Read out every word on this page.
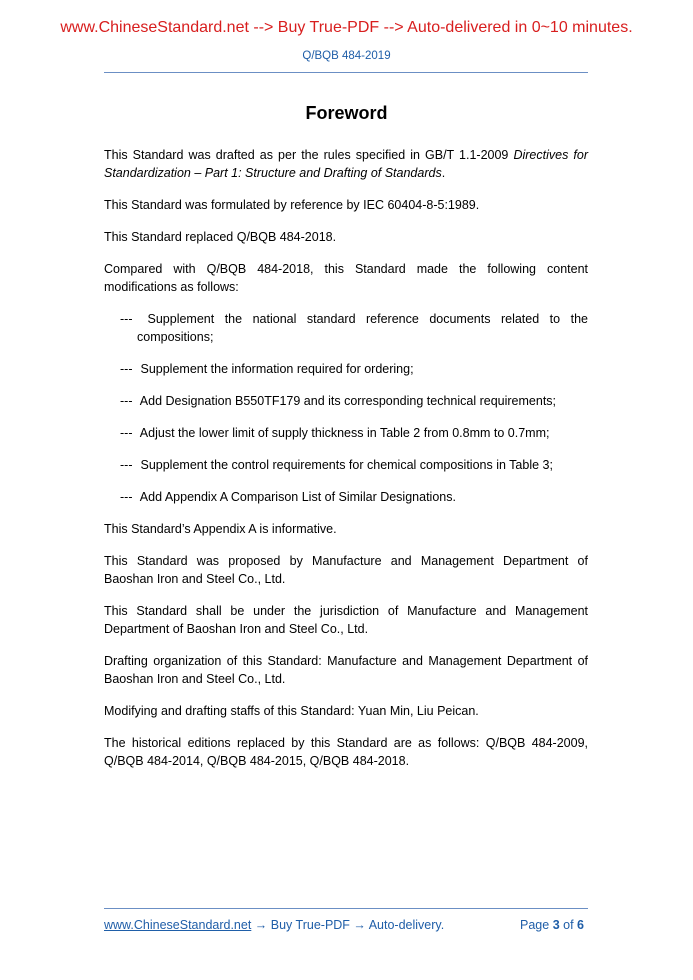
www.ChineseStandard.net --> Buy True-PDF --> Auto-delivered in 0~10 minutes.
Q/BQB 484-2019
Foreword

This Standard was drafted as per the rules specified in GB/T 1.1-2009 Directives for Standardization – Part 1: Structure and Drafting of Standards.

This Standard was formulated by reference by IEC 60404-8-5:1989.

This Standard replaced Q/BQB 484-2018.

Compared with Q/BQB 484-2018, this Standard made the following content modifications as follows:

--- Supplement the national standard reference documents related to the compositions;

--- Supplement the information required for ordering;

--- Add Designation B550TF179 and its corresponding technical requirements;

--- Adjust the lower limit of supply thickness in Table 2 from 0.8mm to 0.7mm;

--- Supplement the control requirements for chemical compositions in Table 3;

--- Add Appendix A Comparison List of Similar Designations.

This Standard’s Appendix A is informative.

This Standard was proposed by Manufacture and Management Department of Baoshan Iron and Steel Co., Ltd.

This Standard shall be under the jurisdiction of Manufacture and Management Department of Baoshan Iron and Steel Co., Ltd.

Drafting organization of this Standard: Manufacture and Management Department of Baoshan Iron and Steel Co., Ltd.

Modifying and drafting staffs of this Standard: Yuan Min, Liu Peican.

The historical editions replaced by this Standard are as follows: Q/BQB 484-2009, Q/BQB 484-2014, Q/BQB 484-2015, Q/BQB 484-2018.

www.ChineseStandard.net → Buy True-PDF → Auto-delivery.	Page 3 of 6
